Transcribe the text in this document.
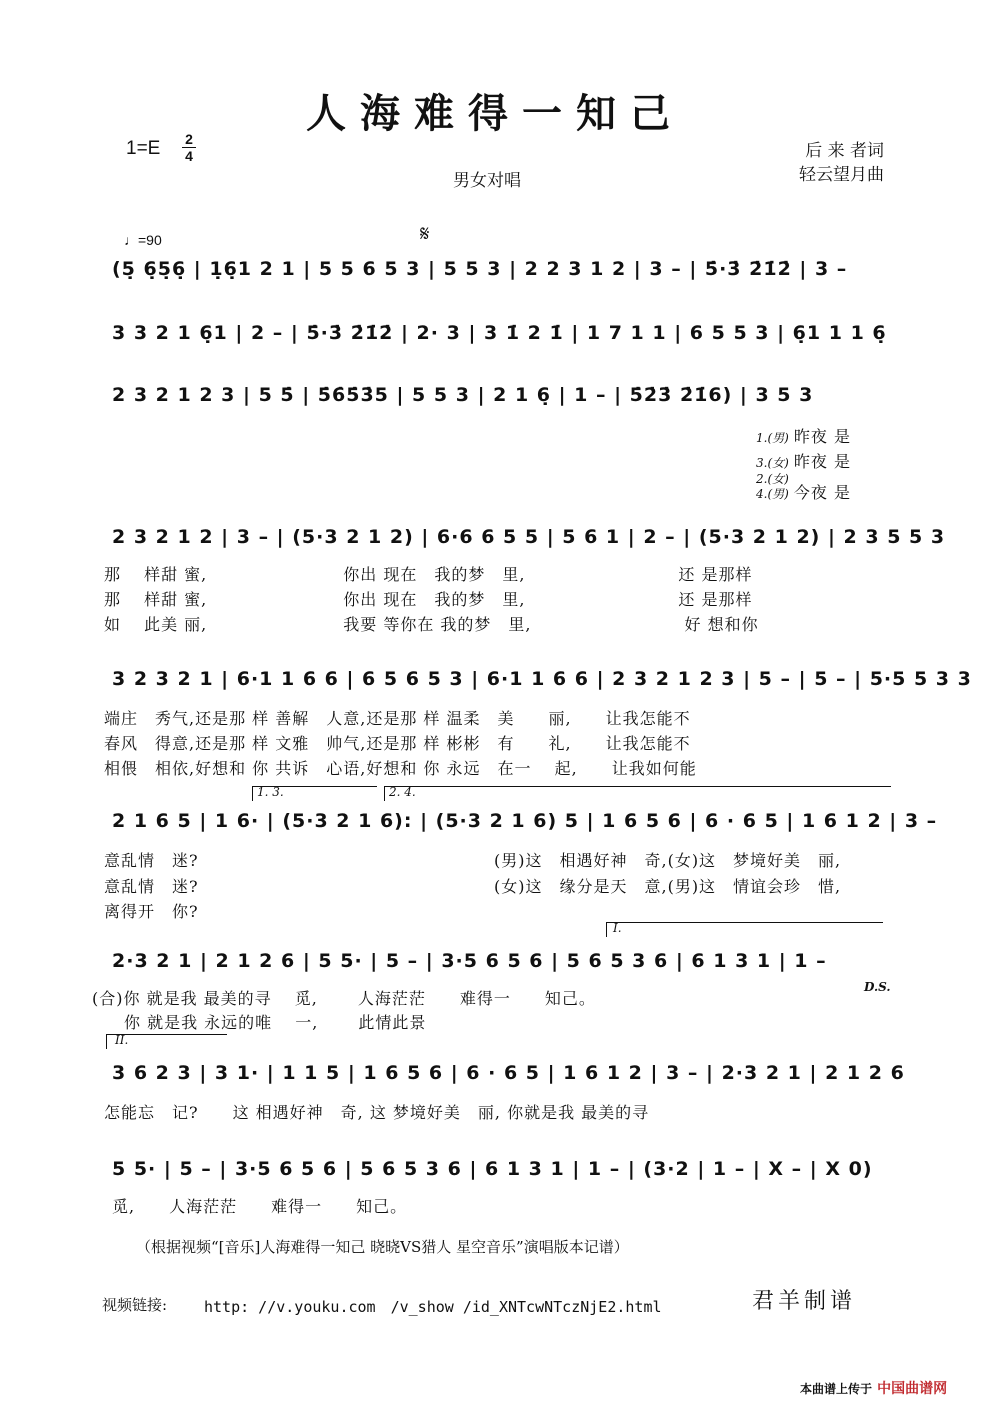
人海难得一知己
1=E 2
4
男女对唱
后 来 者词
轻云望月曲
♩=90	𝄋
(5̣ 6̣5̣6̣ | 1̣6̣1 2 1 | 5 5 6 5 3 | 5 5 3 | 2 2 3 1 2 | 3 – | 5̇·3̇ 2̇1̇2̇ | 3 –
3 3 2 1 6̣1 | 2 – | 5̇·3̇ 2̇1̇2̇ | 2· 3 | 3 1̇ 2 1̇ | 1 7 1 1 | 6 5 5 3 | 6̣1 1 1 6̣
2 3 2 1 2 3 | 5 5̇ | 5̇6̇5̇3̇5 | 5 5 3 | 2 1 6̣ | 1 – | 5̇2̇3̇ 2̇1̇6) | 3 5 3
1.(男) 昨夜 是
3.(女) 昨夜 是
2.(女)
4.(男) 今夜 是
2 3 2 1 2 | 3 – | (5·3 2 1 2) | 6·6 6 5 5 | 5 6 1 | 2 – | (5·3 2 1 2) | 2 3 5 5 3
那　 样甜 蜜,　　　　　　　　你出 现在　我的梦　里,　　　　　　　　　还 是那样
那　 样甜 蜜,　　　　　　　　你出 现在　我的梦　里,　　　　　　　　　还 是那样
如　 此美 丽,　　　　　　　　我要 等你在 我的梦　里,　　　　　　　　　好 想和你
3 2 3 2 1 | 6·1 1 6 6 | 6 5 6 5 3 | 6·1 1 6 6 | 2 3 2 1 2 3 | 5 – | 5 – | 5·5 5 3 3
端庄　秀气,还是那 样 善解　人意,还是那 样 温柔　美　　丽,　　让我怎能不
春风　得意,还是那 样 文雅　帅气,还是那 样 彬彬　有　　礼,　　让我怎能不
相偎　相依,好想和 你 共诉　心语,好想和 你 永远　在一　 起,　　让我如何能
1. 3.	2. 4.
2 1 6 5 | 1 6· | (5·3 2 1 6): | (5·3 2 1 6) 5 | 1 6 5 6 | 6 · 6 5 | 1 6 1 2 | 3 –
意乱情　迷?
意乱情　迷?
离得开　你?
(男)这　相遇好神　奇,(女)这　梦境好美　丽,
(女)这　缘分是天　意,(男)这　情谊会珍　惜,
I.
2·3 2 1 | 2 1 2 6 | 5 5· | 5 – | 3·5 6 5 6 | 5 6 5 3 6 | 6 1 3 1 | 1 –
D.S.
(合)你 就是我 最美的寻　 觅,　　 人海茫茫　　难得一　　知己。
你 就是我 永远的唯　 一,　　 此情此景
II.
3 6 2 3 | 3 1· | 1 1 5 | 1 6 5 6 | 6 · 6 5 | 1 6 1 2 | 3 – | 2·3 2 1 | 2 1 2 6
怎能忘　记?　　这 相遇好神　奇, 这 梦境好美　丽, 你就是我 最美的寻
5 5· | 5 – | 3·5 6 5 6 | 5 6 5 3 6 | 6 1 3 1 | 1 – | (3·2 | 1 – | X – | X 0)
觅,　　人海茫茫　　难得一　　知己。
（根据视频“[音乐]人海难得一知己 晓晓VS猎人 星空音乐”演唱版本记谱）
视频链接: http: //v.youku.com　/v_show /id_XNTcwNTczNjE2.html	君羊制谱
本曲谱上传于 中国曲谱网
